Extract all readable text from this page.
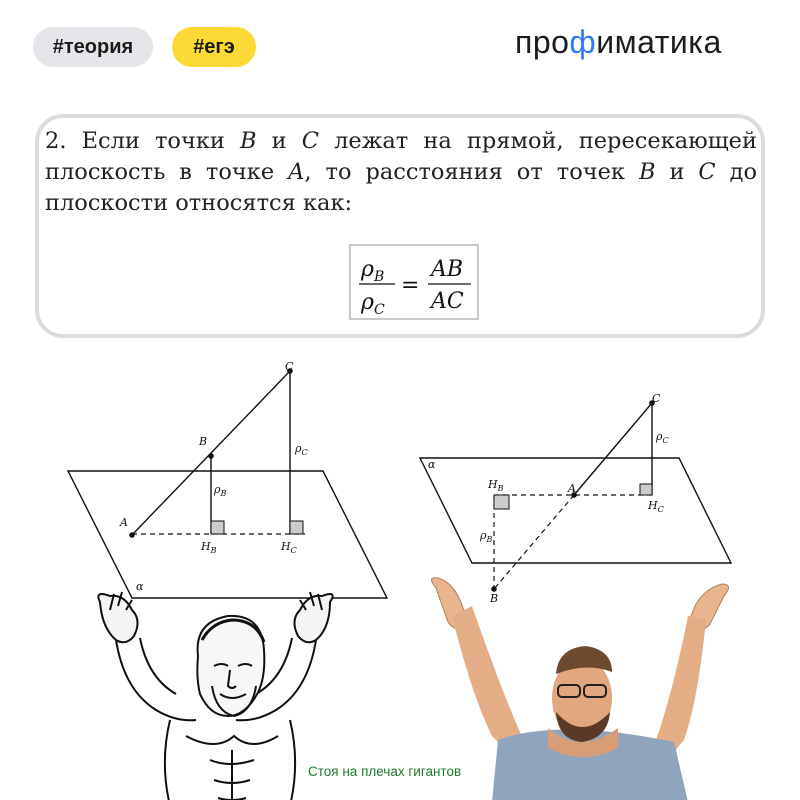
#теория	#егэ	профиматика
2. Если точки B и C лежат на прямой, пересекающей плоскость в точке A, то расстояния от точек B и C до плоскости относятся как:
$\rho_B$
$\rho_C$
=
AB
AC
C
B
A
$\rho_B$
$\rho_C$
$H_B$	$H_C$
α
C
A
B
$\rho_C$
$\rho_B$
$H_B$
$H_C$
α
Стоя на плечах гигантов
